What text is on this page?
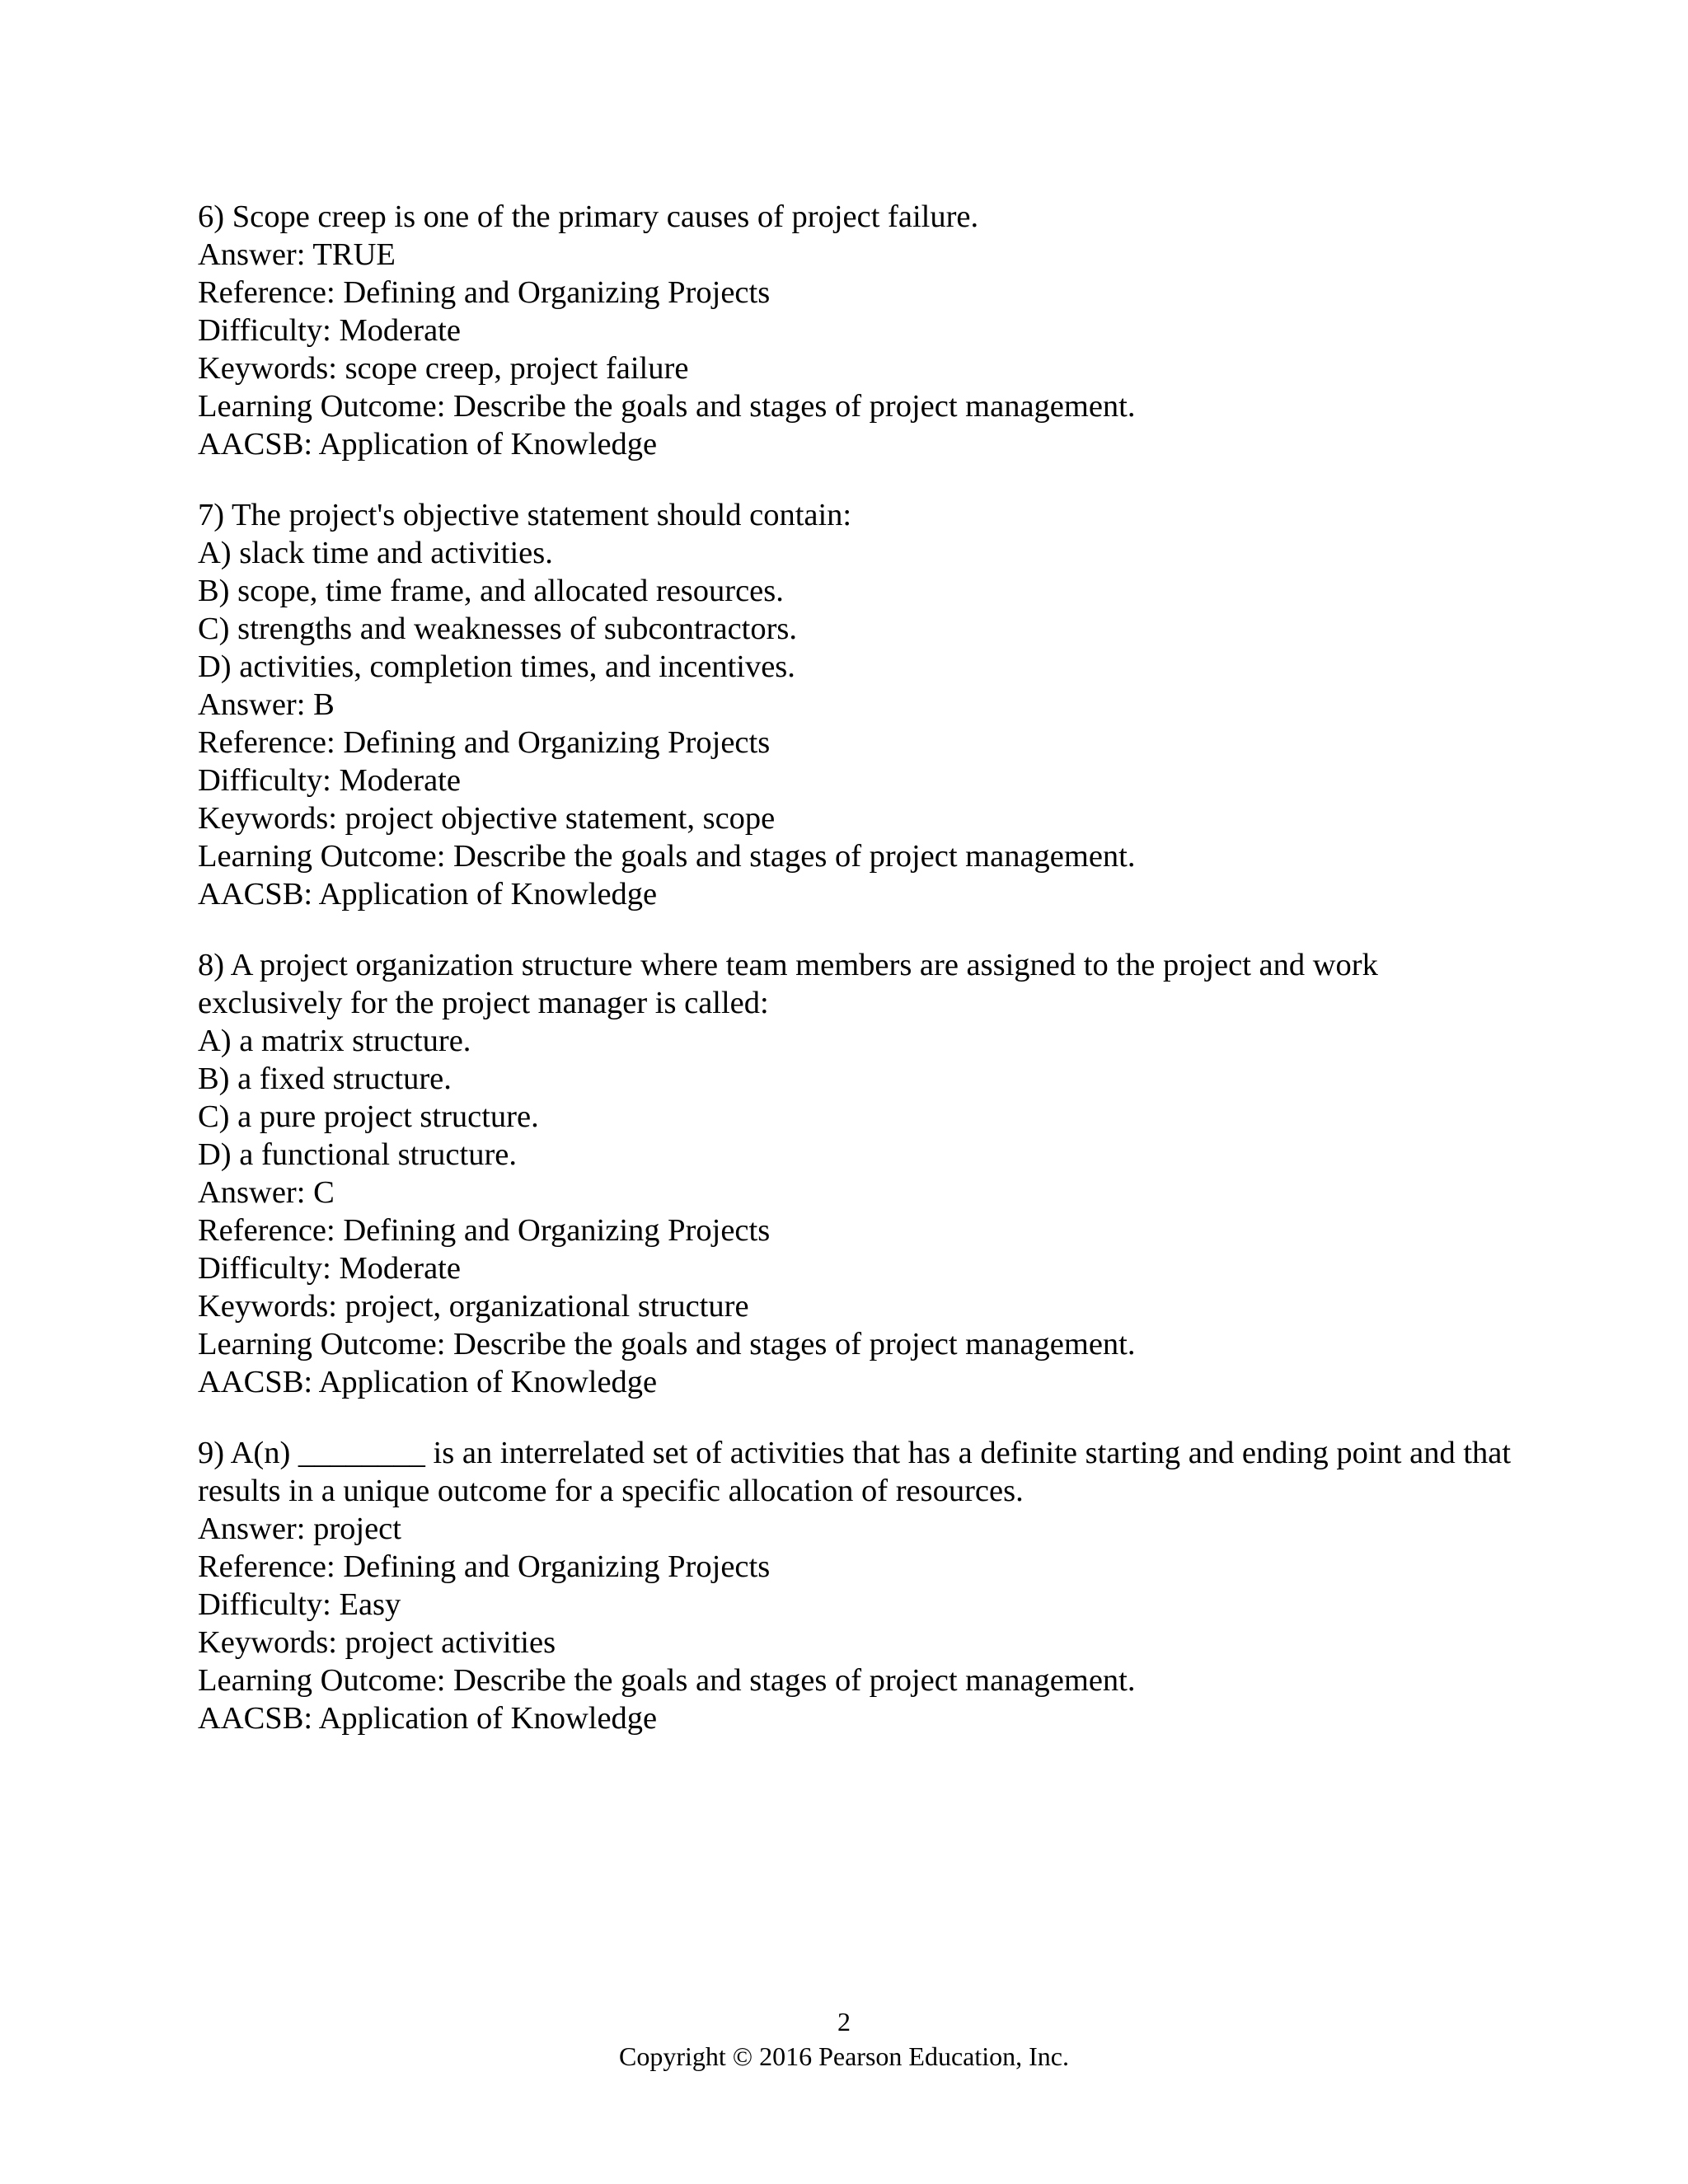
6) Scope creep is one of the primary causes of project failure.
Answer: TRUE
Reference: Defining and Organizing Projects
Difficulty: Moderate
Keywords: scope creep, project failure
Learning Outcome: Describe the goals and stages of project management.
AACSB: Application of Knowledge
7) The project's objective statement should contain:
A) slack time and activities.
B) scope, time frame, and allocated resources.
C) strengths and weaknesses of subcontractors.
D) activities, completion times, and incentives.
Answer: B
Reference: Defining and Organizing Projects
Difficulty: Moderate
Keywords: project objective statement, scope
Learning Outcome: Describe the goals and stages of project management.
AACSB: Application of Knowledge
8) A project organization structure where team members are assigned to the project and work exclusively for the project manager is called:
A) a matrix structure.
B) a fixed structure.
C) a pure project structure.
D) a functional structure.
Answer: C
Reference: Defining and Organizing Projects
Difficulty: Moderate
Keywords: project, organizational structure
Learning Outcome: Describe the goals and stages of project management.
AACSB: Application of Knowledge
9) A(n) ________ is an interrelated set of activities that has a definite starting and ending point and that results in a unique outcome for a specific allocation of resources.
Answer: project
Reference: Defining and Organizing Projects
Difficulty: Easy
Keywords: project activities
Learning Outcome: Describe the goals and stages of project management.
AACSB: Application of Knowledge
2
Copyright © 2016 Pearson Education, Inc.
